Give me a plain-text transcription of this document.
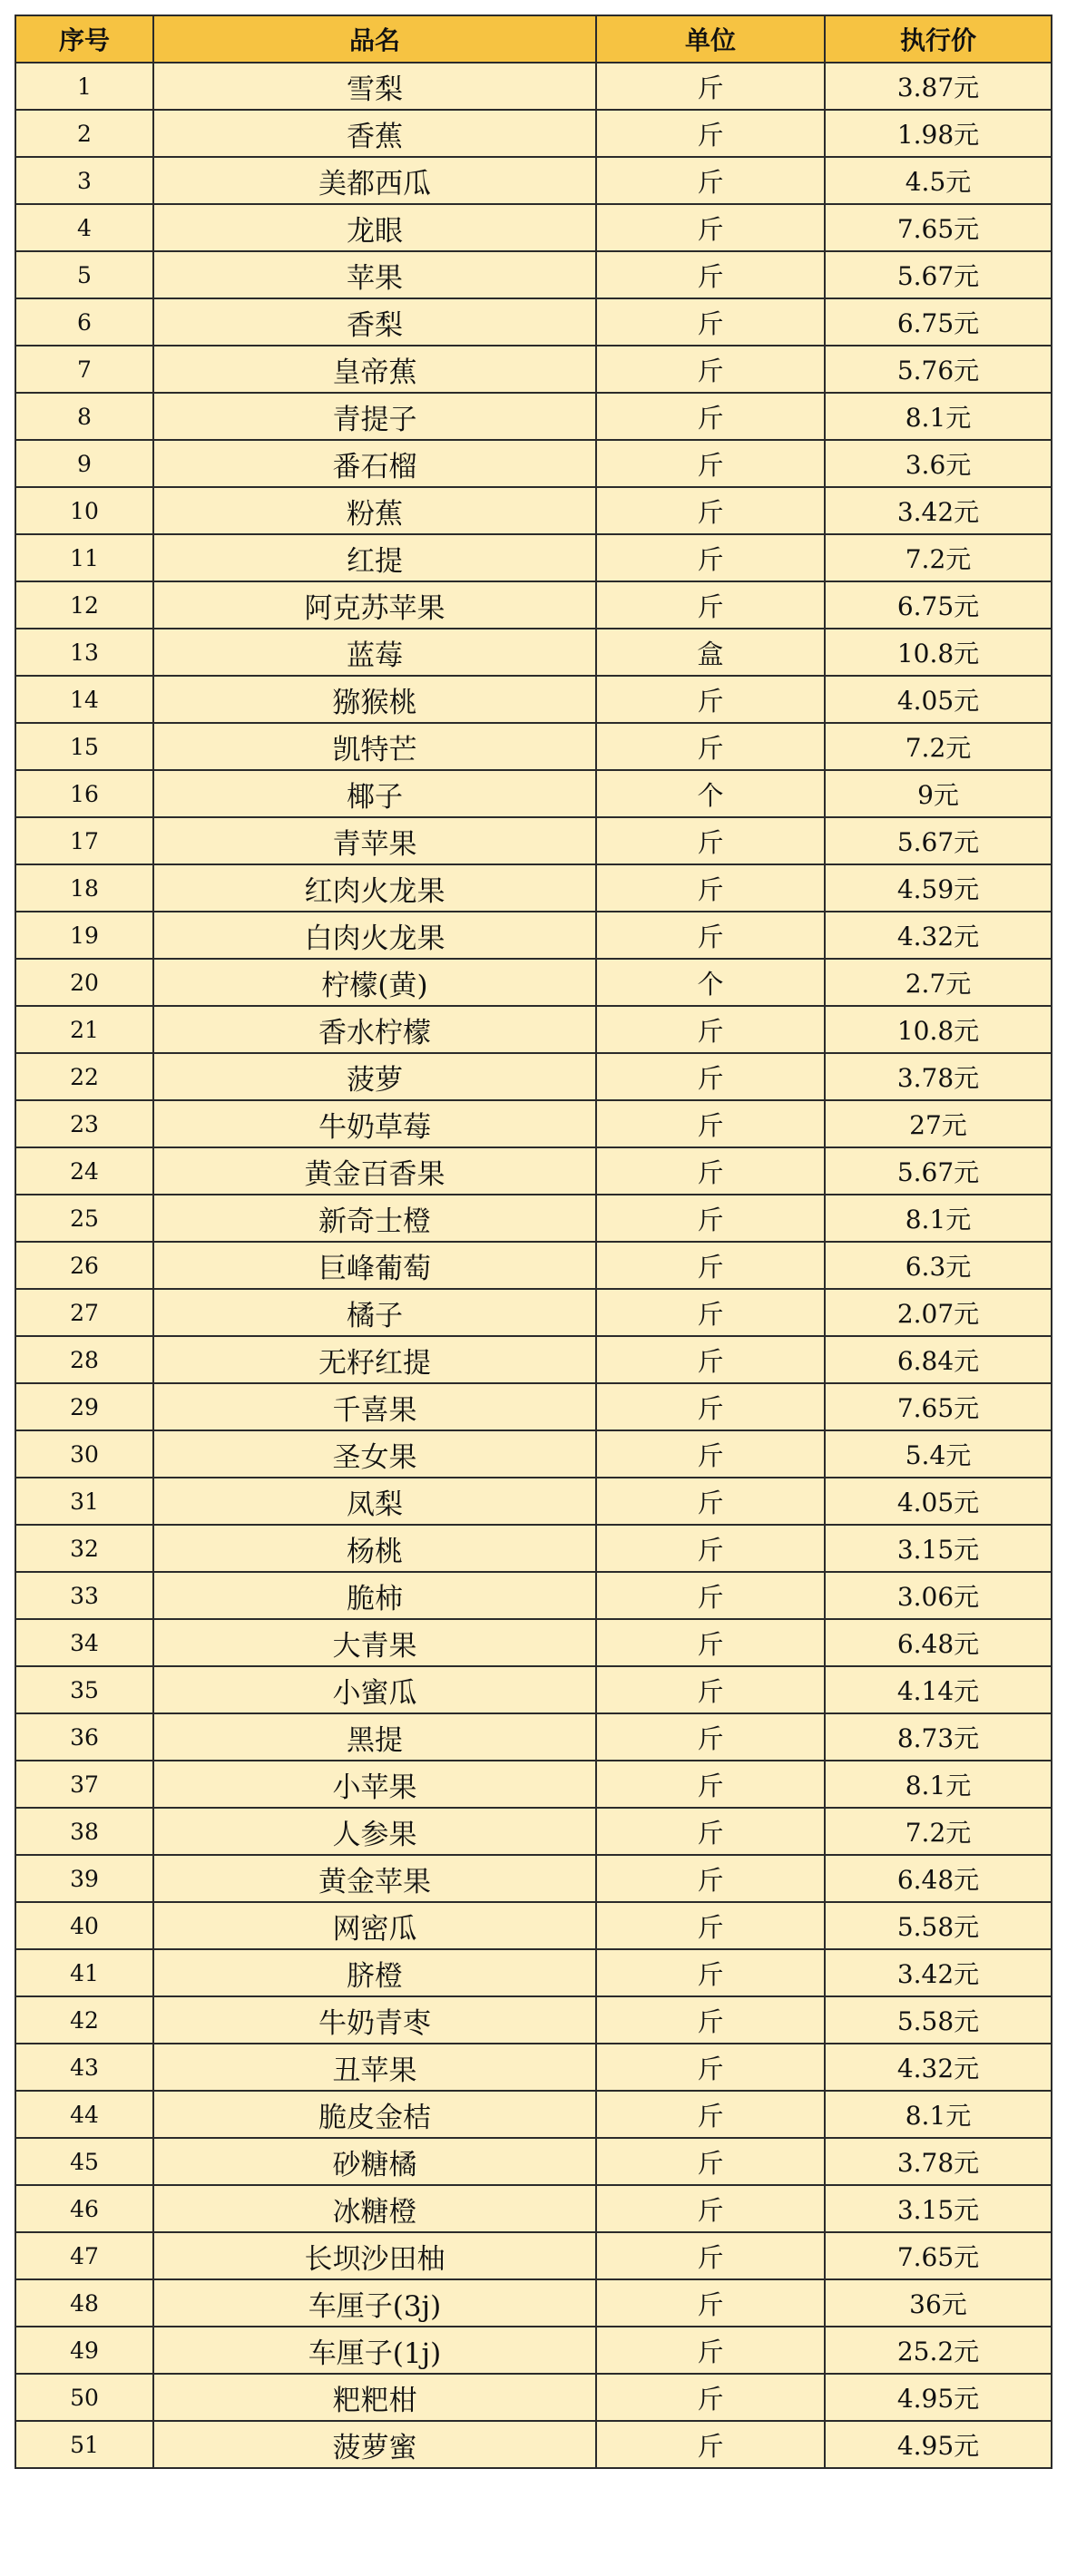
序号	品名	单位	执行价
1	雪梨	斤	3.87元
2	香蕉	斤	1.98元
3	美都西瓜	斤	4.5元
4	龙眼	斤	7.65元
5	苹果	斤	5.67元
6	香梨	斤	6.75元
7	皇帝蕉	斤	5.76元
8	青提子	斤	8.1元
9	番石榴	斤	3.6元
10	粉蕉	斤	3.42元
11	红提	斤	7.2元
12	阿克苏苹果	斤	6.75元
13	蓝莓	盒	10.8元
14	猕猴桃	斤	4.05元
15	凯特芒	斤	7.2元
16	椰子	个	9元
17	青苹果	斤	5.67元
18	红肉火龙果	斤	4.59元
19	白肉火龙果	斤	4.32元
20	柠檬(黄)	个	2.7元
21	香水柠檬	斤	10.8元
22	菠萝	斤	3.78元
23	牛奶草莓	斤	27元
24	黄金百香果	斤	5.67元
25	新奇士橙	斤	8.1元
26	巨峰葡萄	斤	6.3元
27	橘子	斤	2.07元
28	无籽红提	斤	6.84元
29	千喜果	斤	7.65元
30	圣女果	斤	5.4元
31	凤梨	斤	4.05元
32	杨桃	斤	3.15元
33	脆柿	斤	3.06元
34	大青果	斤	6.48元
35	小蜜瓜	斤	4.14元
36	黑提	斤	8.73元
37	小苹果	斤	8.1元
38	人参果	斤	7.2元
39	黄金苹果	斤	6.48元
40	网密瓜	斤	5.58元
41	脐橙	斤	3.42元
42	牛奶青枣	斤	5.58元
43	丑苹果	斤	4.32元
44	脆皮金桔	斤	8.1元
45	砂糖橘	斤	3.78元
46	冰糖橙	斤	3.15元
47	长坝沙田柚	斤	7.65元
48	车厘子(3j)	斤	36元
49	车厘子(1j)	斤	25.2元
50	粑粑柑	斤	4.95元
51	菠萝蜜	斤	4.95元
